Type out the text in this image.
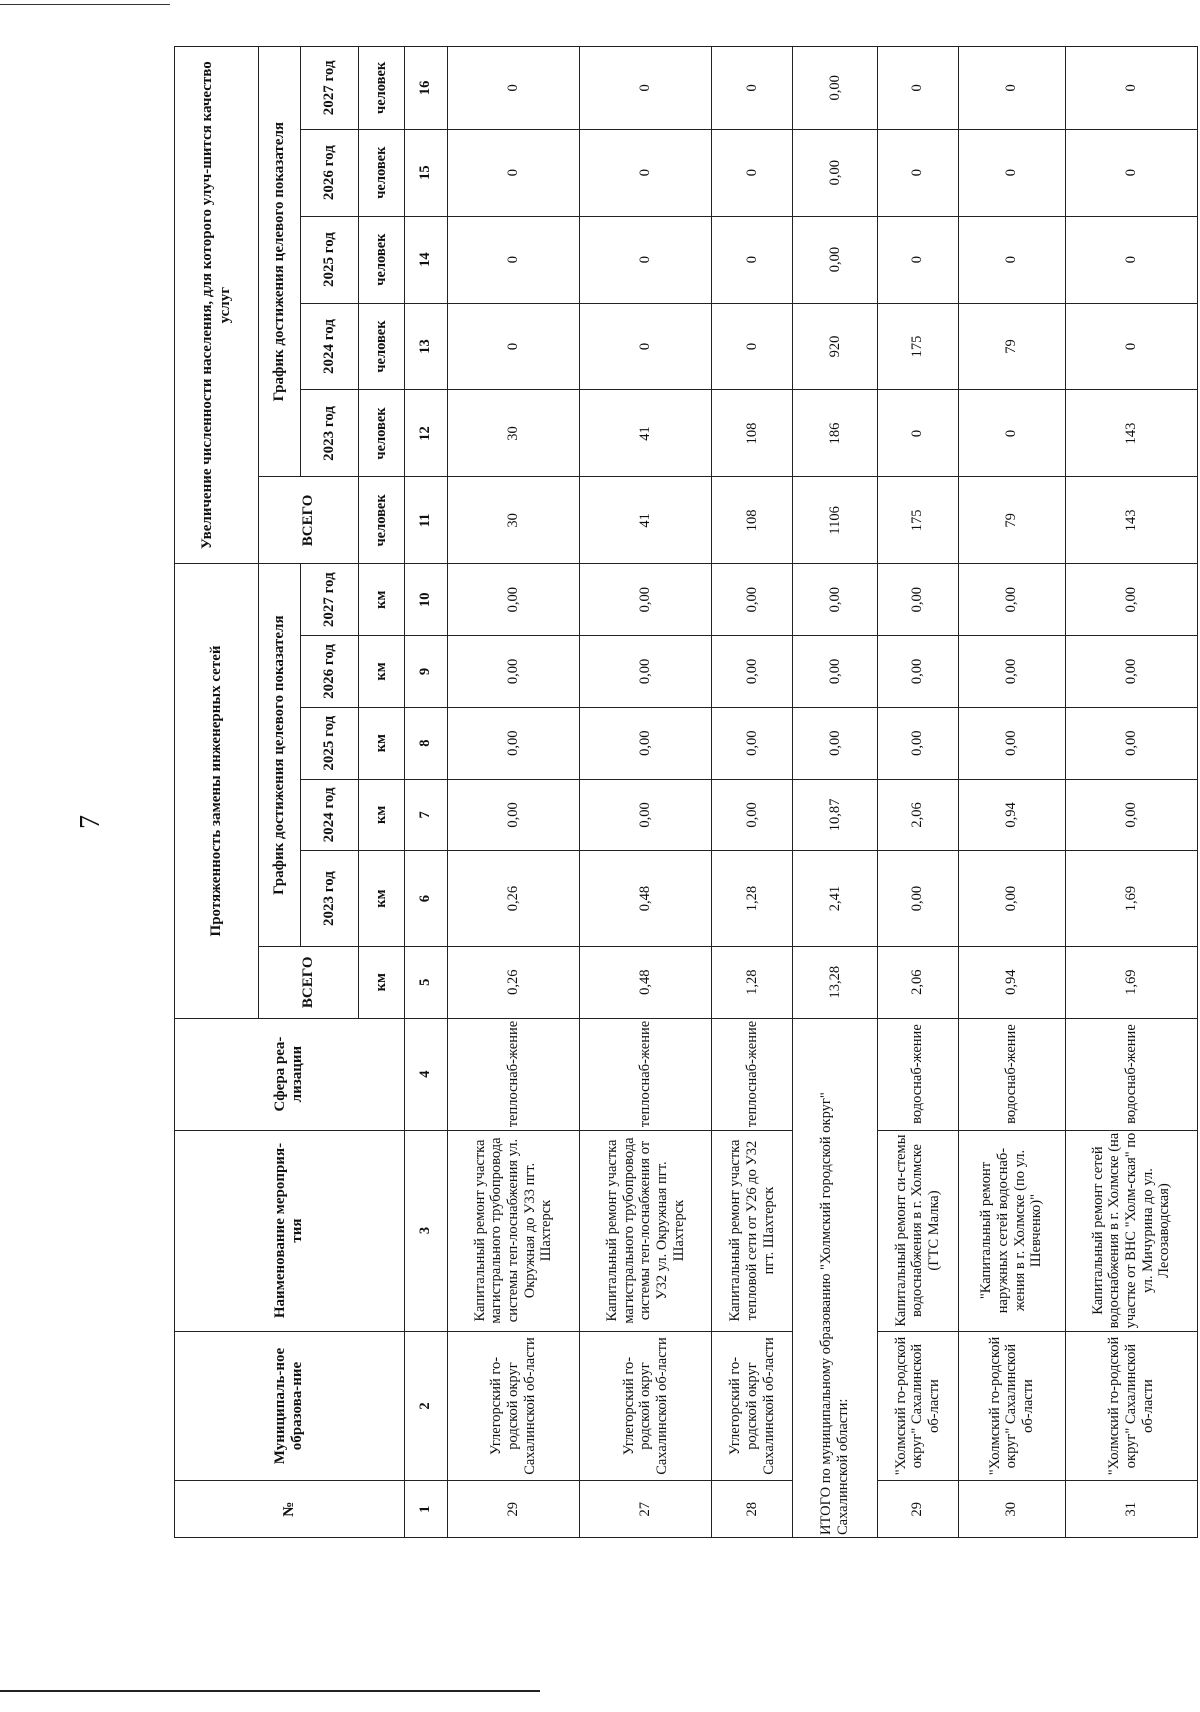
7
№	Муниципаль-ное образова-ние	Наименование мероприя-тия	Сфера реа-лизации	Протяженность замены инженерных сетей						Увеличение численности населения, для которого улуч-шится качество услуг					
				ВСЕГО	График достижения целевого показателя					ВСЕГО	График достижения целевого показателя				
					2023 год	2024 год	2025 год	2026 год	2027 год		2023 год	2024 год	2025 год	2026 год	2027 год
				км	км	км	км	км	км	человек	человек	человек	человек	человек	человек
1	2	3	4	5	6	7	8	9	10	11	12	13	14	15	16
29	Углегорский го-родской округ Сахалинской об-ласти	Капитальный ремонт участка магистрального трубопровода системы теп-лоснабжения ул. Окружная до У33 пгт. Шахтерск	теплоснаб-жение	0,26	0,26	0,00	0,00	0,00	0,00	30	30	0	0	0	0
27	Углегорский го-родской округ Сахалинской об-ласти	Капитальный ремонт участка магистрального трубопровода системы теп-лоснабжения от У32 ул. Окружная пгт. Шахтерск	теплоснаб-жение	0,48	0,48	0,00	0,00	0,00	0,00	41	41	0	0	0	0
28	Углегорский го-родской округ Сахалинской об-ласти	Капитальный ремонт участка тепловой сети от У26 до У32 пгт. Шахтерск	теплоснаб-жение	1,28	1,28	0,00	0,00	0,00	0,00	108	108	0	0	0	0
ИТОГО по муниципальному образованию "Холмский городской округ" Сахалинской области:				13,28	2,41	10,87	0,00	0,00	0,00	1106	186	920	0,00	0,00	0,00
29	"Холмский го-родской округ" Сахалинской об-ласти	Капитальный ремонт си-стемы водоснабжения в г. Холмске (ГТС Малка)	водоснаб-жение	2,06	0,00	2,06	0,00	0,00	0,00	175	0	175	0	0	0
30	"Холмский го-родской округ" Сахалинской об-ласти	"Капитальный ремонт наружных сетей водоснаб-жения в г. Холмске (по ул. Шевченко)"	водоснаб-жение	0,94	0,00	0,94	0,00	0,00	0,00	79	0	79	0	0	0
31	"Холмский го-родской округ" Сахалинской об-ласти	Капитальный ремонт сетей водоснабжения в г. Холмске (на участке от ВНС "Холм-ская" по ул. Мичурина до ул. Лесозаводская)	водоснаб-жение	1,69	1,69	0,00	0,00	0,00	0,00	143	143	0	0	0	0
